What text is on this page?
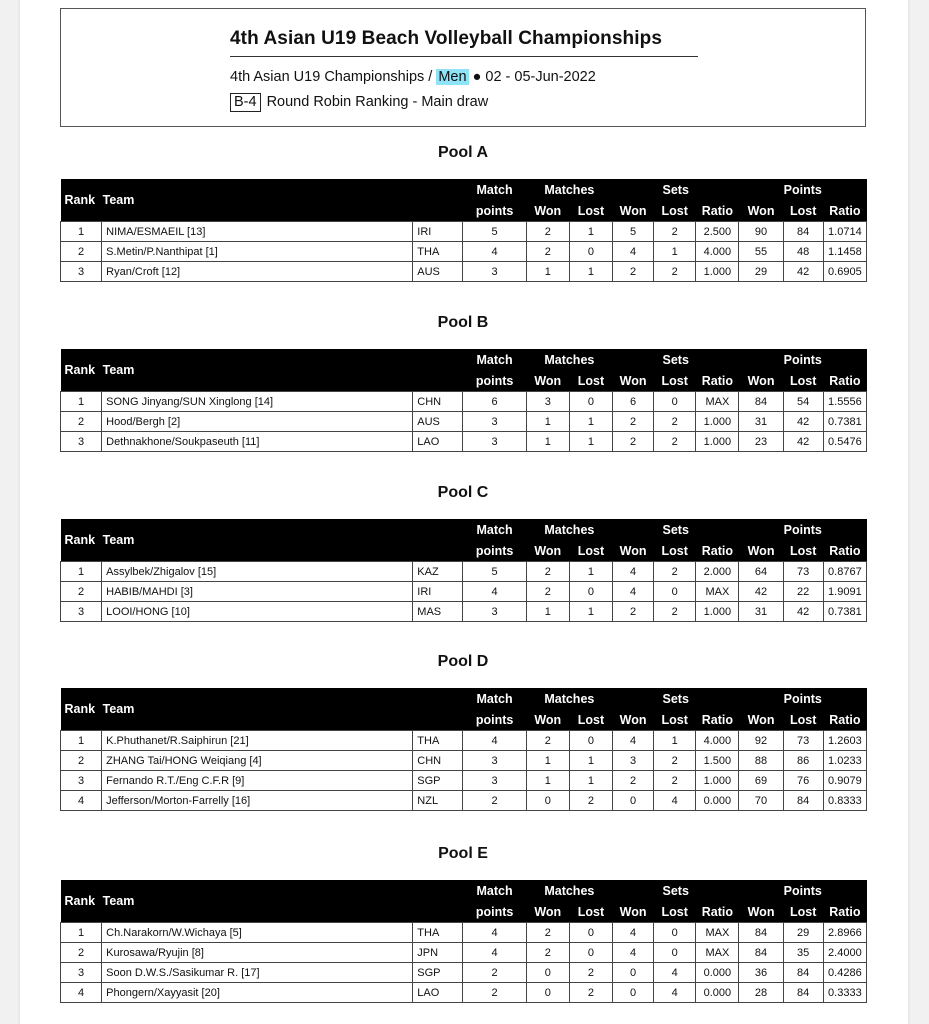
4th Asian U19 Beach Volleyball Championships
4th Asian U19 Championships / Men ● 02 - 05-Jun-2022
B-4 Round Robin Ranking - Main draw
Pool A
Rank	Team		Match	Matches		Sets			Points		
			points	Won	Lost	Won	Lost	Ratio	Won	Lost	Ratio
1	NIMA/ESMAEIL [13]	IRI	5	2	1	5	2	2.500	90	84	1.0714
2	S.Metin/P.Nanthipat [1]	THA	4	2	0	4	1	4.000	55	48	1.1458
3	Ryan/Croft [12]	AUS	3	1	1	2	2	1.000	29	42	0.6905
Pool B
Rank	Team		Match	Matches		Sets			Points		
			points	Won	Lost	Won	Lost	Ratio	Won	Lost	Ratio
1	SONG Jinyang/SUN Xinglong [14]	CHN	6	3	0	6	0	MAX	84	54	1.5556
2	Hood/Bergh [2]	AUS	3	1	1	2	2	1.000	31	42	0.7381
3	Dethnakhone/Soukpaseuth [11]	LAO	3	1	1	2	2	1.000	23	42	0.5476
Pool C
Rank	Team		Match	Matches		Sets			Points		
			points	Won	Lost	Won	Lost	Ratio	Won	Lost	Ratio
1	Assylbek/Zhigalov [15]	KAZ	5	2	1	4	2	2.000	64	73	0.8767
2	HABIB/MAHDI [3]	IRI	4	2	0	4	0	MAX	42	22	1.9091
3	LOOI/HONG [10]	MAS	3	1	1	2	2	1.000	31	42	0.7381
Pool D
Rank	Team		Match	Matches		Sets			Points		
			points	Won	Lost	Won	Lost	Ratio	Won	Lost	Ratio
1	K.Phuthanet/R.Saiphirun [21]	THA	4	2	0	4	1	4.000	92	73	1.2603
2	ZHANG Tai/HONG Weiqiang [4]	CHN	3	1	1	3	2	1.500	88	86	1.0233
3	Fernando R.T./Eng C.F.R [9]	SGP	3	1	1	2	2	1.000	69	76	0.9079
4	Jefferson/Morton-Farrelly [16]	NZL	2	0	2	0	4	0.000	70	84	0.8333
Pool E
Rank	Team		Match	Matches		Sets			Points		
			points	Won	Lost	Won	Lost	Ratio	Won	Lost	Ratio
1	Ch.Narakorn/W.Wichaya [5]	THA	4	2	0	4	0	MAX	84	29	2.8966
2	Kurosawa/Ryujin [8]	JPN	4	2	0	4	0	MAX	84	35	2.4000
3	Soon D.W.S./Sasikumar R. [17]	SGP	2	0	2	0	4	0.000	36	84	0.4286
4	Phongern/Xayyasit [20]	LAO	2	0	2	0	4	0.000	28	84	0.3333
